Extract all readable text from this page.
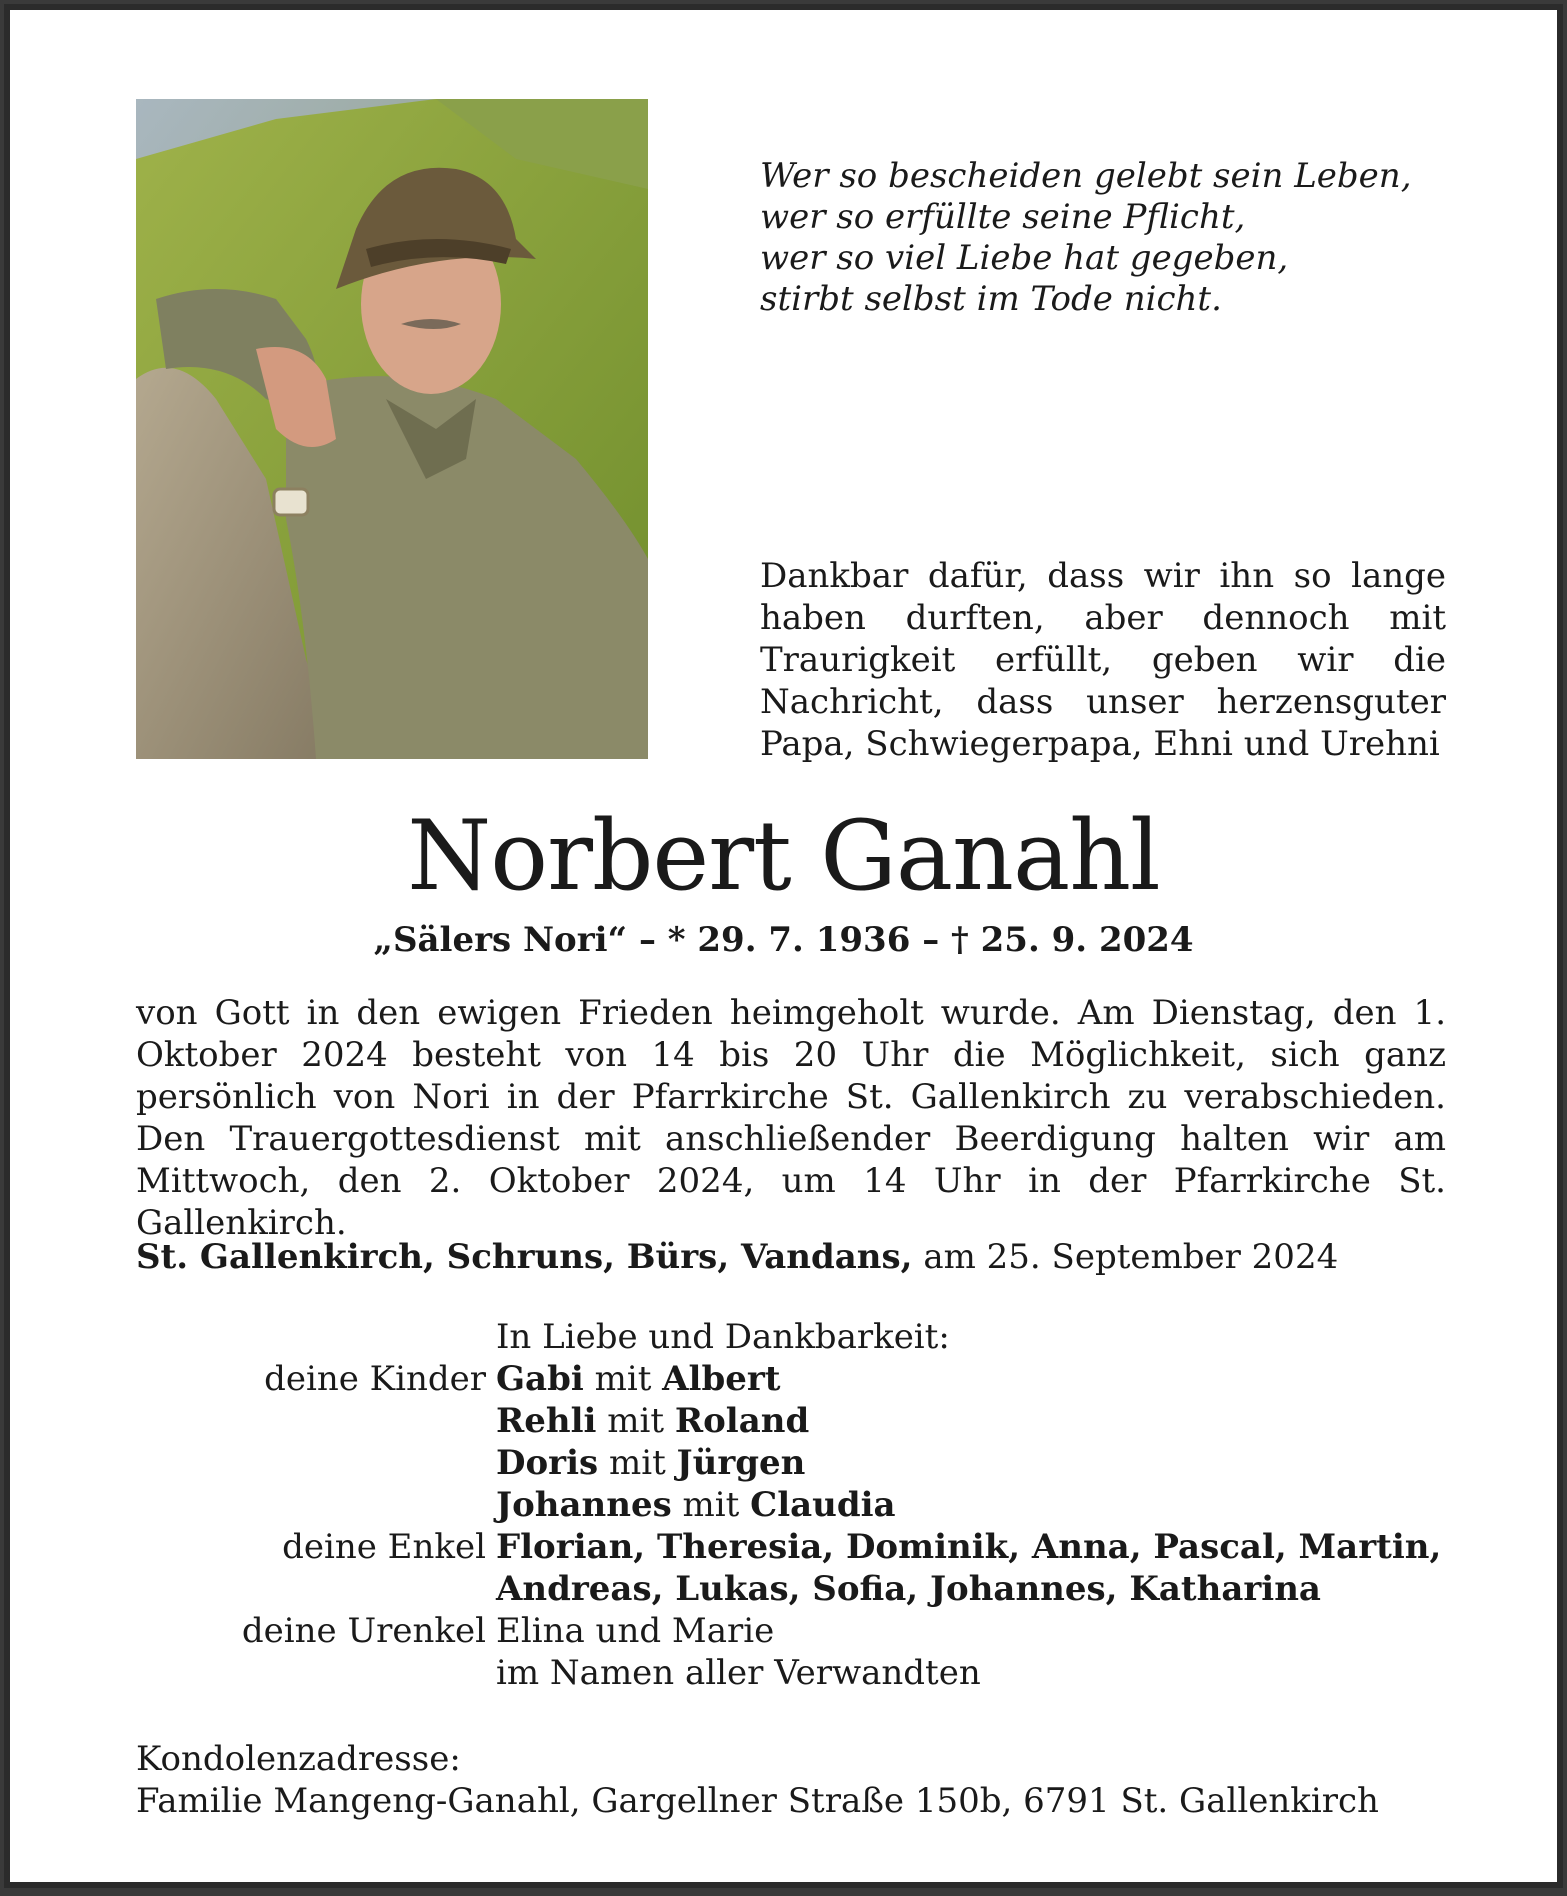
Wer so bescheiden gelebt sein Leben,
wer so erfüllte seine Pflicht,
wer so viel Liebe hat gegeben,
stirbt selbst im Tode nicht.
Dankbar dafür, dass wir ihn so lange haben durften, aber dennoch mit Traurigkeit erfüllt, geben wir die Nachricht, dass unser herzensguter Papa, Schwiegerpapa, Ehni und Urehni
Norbert Ganahl
„Sälers Nori“ – * 29. 7. 1936 – † 25. 9. 2024
von Gott in den ewigen Frieden heimgeholt wurde. Am Dienstag, den 1. Oktober 2024 besteht von 14 bis 20 Uhr die Möglichkeit, sich ganz persönlich von Nori in der Pfarrkirche St. Gallenkirch zu verabschieden. Den Trauergottesdienst mit anschließender Beerdigung halten wir am Mittwoch, den 2. Oktober 2024, um 14 Uhr in der Pfarrkirche St. Gallenkirch.
St. Gallenkirch, Schruns, Bürs, Vandans, am 25. September 2024
In Liebe und Dankbarkeit:
deine Kinder Gabi mit Albert
Rehli mit Roland
Doris mit Jürgen
Johannes mit Claudia
deine Enkel Florian, Theresia, Dominik, Anna, Pascal, Martin,
Andreas, Lukas, Sofia, Johannes, Katharina
deine Urenkel Elina und Marie
im Namen aller Verwandten
Kondolenzadresse:
Familie Mangeng-Ganahl, Gargellner Straße 150b, 6791 St. Gallenkirch
